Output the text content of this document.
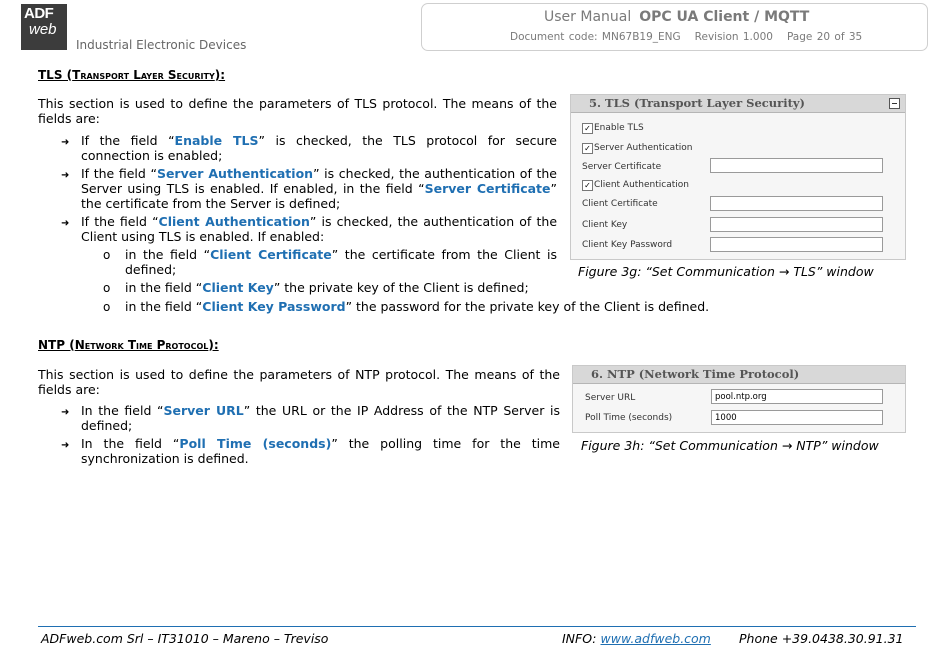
ADF
web
Industrial Electronic Devices
User Manual OPC UA Client / MQTT
Document code: MN67B19_ENG Revision 1.000 Page 20 of 35
TLS (Transport Layer Security):
This section is used to define the parameters of TLS protocol. The means of the fields are:
➜ If the field “Enable TLS” is checked, the TLS protocol for secure connection is enabled;
➜ If the field “Server Authentication” is checked, the authentication of the Server using TLS is enabled. If enabled, in the field “Server Certificate” the certificate from the Server is defined;
➜ If the field “Client Authentication” is checked, the authentication of the Client using TLS is enabled. If enabled:
o in the field “Client Certificate” the certificate from the Client is defined;
o in the field “Client Key” the private key of the Client is defined;
o in the field “Client Key Password” the password for the private key of the Client is defined.
5. TLS (Transport Layer Security)
✓ Enable TLS
✓ Server Authentication
Server Certificate
✓ Client Authentication
Client Certificate
Client Key
Client Key Password
Figure 3g: “Set Communication → TLS” window
NTP (Network Time Protocol):
This section is used to define the parameters of NTP protocol. The means of the fields are:
➜ In the field “Server URL” the URL or the IP Address of the NTP Server is defined;
➜ In the field “Poll Time (seconds)” the polling time for the time synchronization is defined.
6. NTP (Network Time Protocol)
Server URL	pool.ntp.org
Poll Time (seconds)	1000
Figure 3h: “Set Communication → NTP” window
ADFweb.com Srl – IT31010 – Mareno – Treviso	INFO: www.adfweb.com Phone +39.0438.30.91.31
